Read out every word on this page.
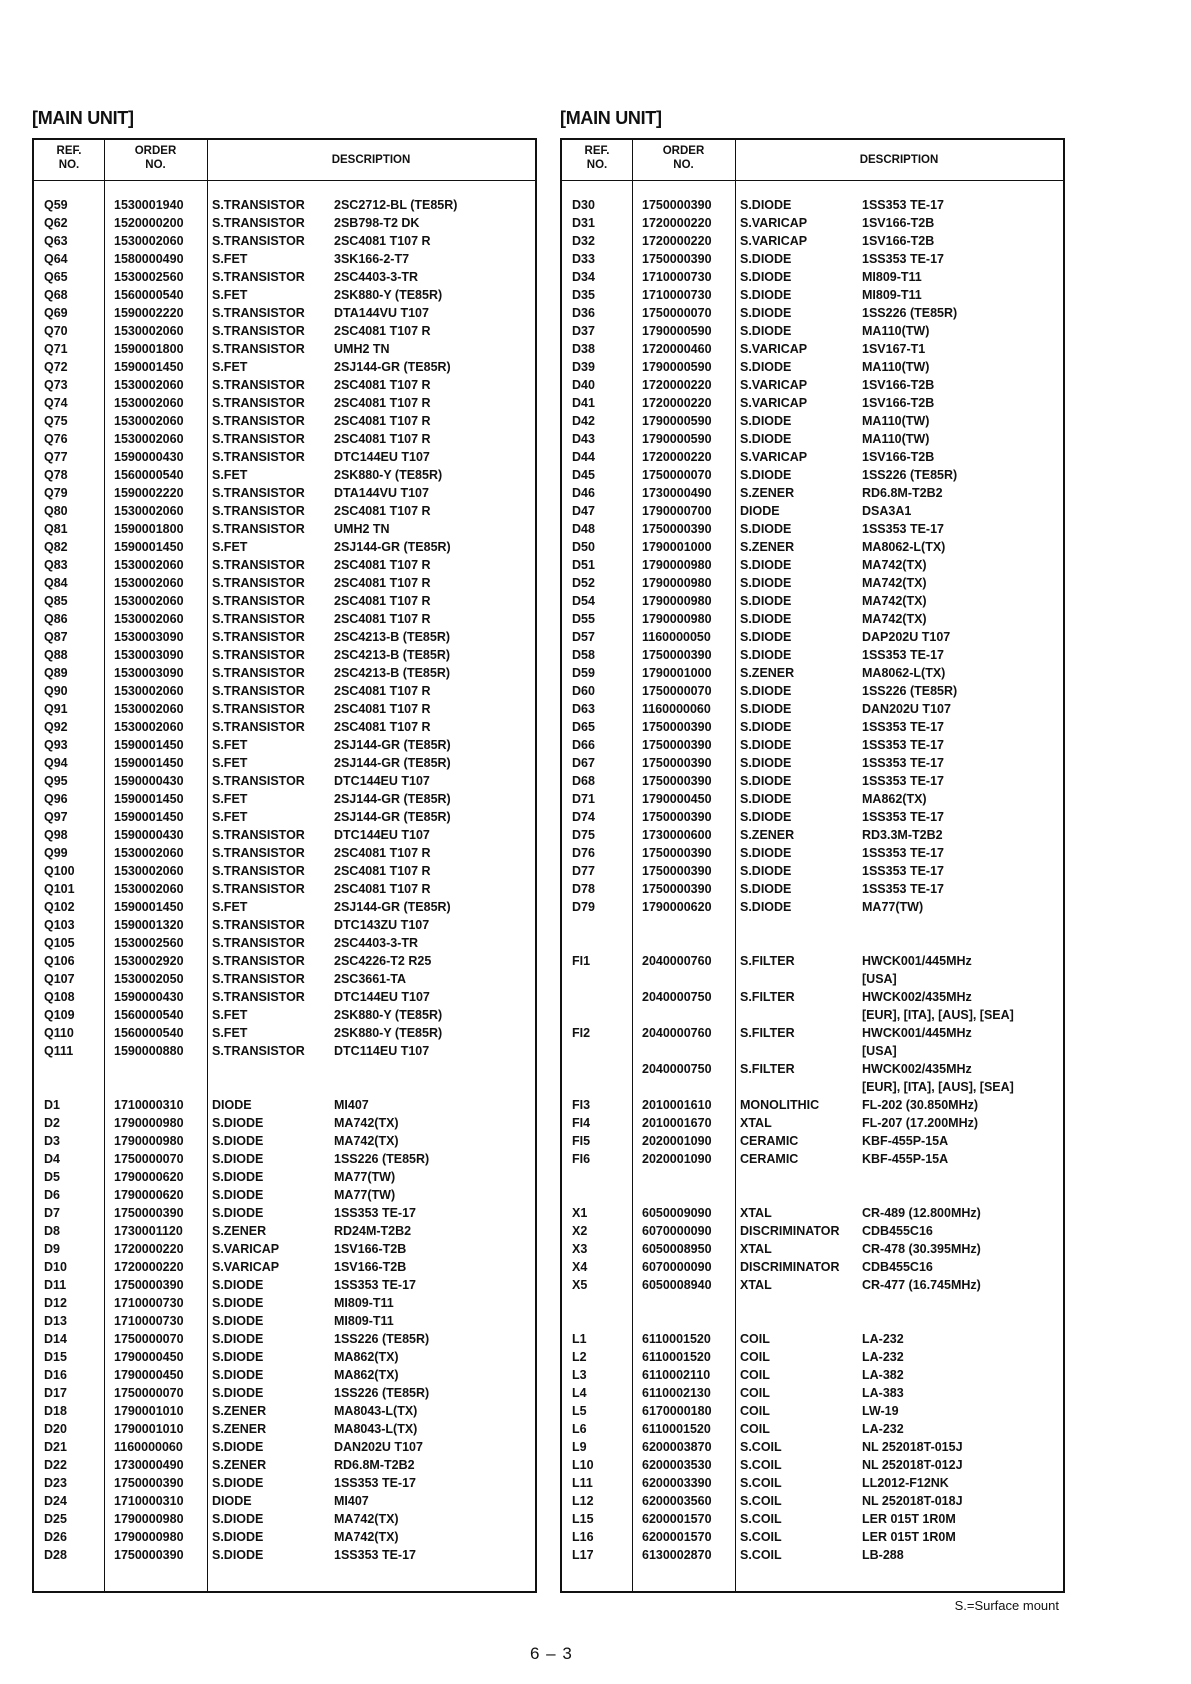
[MAIN UNIT]	[MAIN UNIT]
REF.
NO.
ORDER
NO.	DESCRIPTION
Q59	1530001940 S.TRANSISTOR 2SC2712-BL (TE85R)
Q62	1520000200 S.TRANSISTOR 2SB798-T2 DK
Q63	1530002060 S.TRANSISTOR 2SC4081 T107 R
Q64	1580000490 S.FET	3SK166-2-T7
Q65	1530002560 S.TRANSISTOR 2SC4403-3-TR
Q68	1560000540 S.FET	2SK880-Y (TE85R)
Q69	1590002220 S.TRANSISTOR DTA144VU T107
Q70	1530002060 S.TRANSISTOR 2SC4081 T107 R
Q71	1590001800 S.TRANSISTOR UMH2 TN
Q72	1590001450 S.FET	2SJ144-GR (TE85R)
Q73	1530002060 S.TRANSISTOR 2SC4081 T107 R
Q74	1530002060 S.TRANSISTOR 2SC4081 T107 R
Q75	1530002060 S.TRANSISTOR 2SC4081 T107 R
Q76	1530002060 S.TRANSISTOR 2SC4081 T107 R
Q77	1590000430 S.TRANSISTOR DTC144EU T107
Q78	1560000540 S.FET	2SK880-Y (TE85R)
Q79	1590002220 S.TRANSISTOR DTA144VU T107
Q80	1530002060 S.TRANSISTOR 2SC4081 T107 R
Q81	1590001800 S.TRANSISTOR UMH2 TN
Q82	1590001450 S.FET	2SJ144-GR (TE85R)
Q83	1530002060 S.TRANSISTOR 2SC4081 T107 R
Q84	1530002060 S.TRANSISTOR 2SC4081 T107 R
Q85	1530002060 S.TRANSISTOR 2SC4081 T107 R
Q86	1530002060 S.TRANSISTOR 2SC4081 T107 R
Q87	1530003090 S.TRANSISTOR 2SC4213-B (TE85R)
Q88	1530003090 S.TRANSISTOR 2SC4213-B (TE85R)
Q89	1530003090 S.TRANSISTOR 2SC4213-B (TE85R)
Q90	1530002060 S.TRANSISTOR 2SC4081 T107 R
Q91	1530002060 S.TRANSISTOR 2SC4081 T107 R
Q92	1530002060 S.TRANSISTOR 2SC4081 T107 R
Q93	1590001450 S.FET	2SJ144-GR (TE85R)
Q94	1590001450 S.FET	2SJ144-GR (TE85R)
Q95	1590000430 S.TRANSISTOR DTC144EU T107
Q96	1590001450 S.FET	2SJ144-GR (TE85R)
Q97	1590001450 S.FET	2SJ144-GR (TE85R)
Q98	1590000430 S.TRANSISTOR DTC144EU T107
Q99	1530002060 S.TRANSISTOR 2SC4081 T107 R
Q100	1530002060 S.TRANSISTOR 2SC4081 T107 R
Q101	1530002060 S.TRANSISTOR 2SC4081 T107 R
Q102	1590001450 S.FET	2SJ144-GR (TE85R)
Q103	1590001320 S.TRANSISTOR DTC143ZU T107
Q105	1530002560 S.TRANSISTOR 2SC4403-3-TR
Q106	1530002920 S.TRANSISTOR 2SC4226-T2 R25
Q107	1530002050 S.TRANSISTOR 2SC3661-TA
Q108	1590000430 S.TRANSISTOR DTC144EU T107
Q109	1560000540 S.FET	2SK880-Y (TE85R)
Q110	1560000540 S.FET	2SK880-Y (TE85R)
Q111	1590000880 S.TRANSISTOR DTC114EU T107
D1	1710000310 DIODE	MI407
D2	1790000980 S.DIODE	MA742(TX)
D3	1790000980 S.DIODE	MA742(TX)
D4	1750000070 S.DIODE	1SS226 (TE85R)
D5	1790000620 S.DIODE	MA77(TW)
D6	1790000620 S.DIODE	MA77(TW)
D7	1750000390 S.DIODE	1SS353 TE-17
D8	1730001120 S.ZENER	RD24M-T2B2
D9	1720000220 S.VARICAP	1SV166-T2B
D10	1720000220 S.VARICAP	1SV166-T2B
D11	1750000390 S.DIODE	1SS353 TE-17
D12	1710000730 S.DIODE	MI809-T11
D13	1710000730 S.DIODE	MI809-T11
D14	1750000070 S.DIODE	1SS226 (TE85R)
D15	1790000450 S.DIODE	MA862(TX)
D16	1790000450 S.DIODE	MA862(TX)
D17	1750000070 S.DIODE	1SS226 (TE85R)
D18	1790001010 S.ZENER	MA8043-L(TX)
D20	1790001010 S.ZENER	MA8043-L(TX)
D21	1160000060 S.DIODE	DAN202U T107
D22	1730000490 S.ZENER	RD6.8M-T2B2
D23	1750000390 S.DIODE	1SS353 TE-17
D24	1710000310 DIODE	MI407
D25	1790000980 S.DIODE	MA742(TX)
D26	1790000980 S.DIODE	MA742(TX)
D28	1750000390 S.DIODE	1SS353 TE-17
REF.
NO.
ORDER
NO.	DESCRIPTION
D30	1750000390 S.DIODE	1SS353 TE-17
D31	1720000220 S.VARICAP	1SV166-T2B
D32	1720000220 S.VARICAP	1SV166-T2B
D33	1750000390 S.DIODE	1SS353 TE-17
D34	1710000730 S.DIODE	MI809-T11
D35	1710000730 S.DIODE	MI809-T11
D36	1750000070 S.DIODE	1SS226 (TE85R)
D37	1790000590 S.DIODE	MA110(TW)
D38	1720000460 S.VARICAP	1SV167-T1
D39	1790000590 S.DIODE	MA110(TW)
D40	1720000220 S.VARICAP	1SV166-T2B
D41	1720000220 S.VARICAP	1SV166-T2B
D42	1790000590 S.DIODE	MA110(TW)
D43	1790000590 S.DIODE	MA110(TW)
D44	1720000220 S.VARICAP	1SV166-T2B
D45	1750000070 S.DIODE	1SS226 (TE85R)
D46	1730000490 S.ZENER	RD6.8M-T2B2
D47	1790000700 DIODE	DSA3A1
D48	1750000390 S.DIODE	1SS353 TE-17
D50	1790001000 S.ZENER	MA8062-L(TX)
D51	1790000980 S.DIODE	MA742(TX)
D52	1790000980 S.DIODE	MA742(TX)
D54	1790000980 S.DIODE	MA742(TX)
D55	1790000980 S.DIODE	MA742(TX)
D57	1160000050 S.DIODE	DAP202U T107
D58	1750000390 S.DIODE	1SS353 TE-17
D59	1790001000 S.ZENER	MA8062-L(TX)
D60	1750000070 S.DIODE	1SS226 (TE85R)
D63	1160000060 S.DIODE	DAN202U T107
D65	1750000390 S.DIODE	1SS353 TE-17
D66	1750000390 S.DIODE	1SS353 TE-17
D67	1750000390 S.DIODE	1SS353 TE-17
D68	1750000390 S.DIODE	1SS353 TE-17
D71	1790000450 S.DIODE	MA862(TX)
D74	1750000390 S.DIODE	1SS353 TE-17
D75	1730000600 S.ZENER	RD3.3M-T2B2
D76	1750000390 S.DIODE	1SS353 TE-17
D77	1750000390 S.DIODE	1SS353 TE-17
D78	1750000390 S.DIODE	1SS353 TE-17
D79	1790000620 S.DIODE	MA77(TW)
FI1	2040000760 S.FILTER	HWCK001/445MHz
[USA]
2040000750 S.FILTER	HWCK002/435MHz
[EUR], [ITA], [AUS], [SEA]
FI2	2040000760 S.FILTER	HWCK001/445MHz
[USA]
2040000750 S.FILTER	HWCK002/435MHz
[EUR], [ITA], [AUS], [SEA]
FI3	2010001610 MONOLITHIC	FL-202 (30.850MHz)
FI4	2010001670 XTAL	FL-207 (17.200MHz)
FI5	2020001090 CERAMIC	KBF-455P-15A
FI6	2020001090 CERAMIC	KBF-455P-15A
X1	6050009090 XTAL	CR-489 (12.800MHz)
X2	6070000090 DISCRIMINATOR CDB455C16
X3	6050008950 XTAL	CR-478 (30.395MHz)
X4	6070000090 DISCRIMINATOR CDB455C16
X5	6050008940 XTAL	CR-477 (16.745MHz)
L1	6110001520 COIL	LA-232
L2	6110001520 COIL	LA-232
L3	6110002110 COIL	LA-382
L4	6110002130 COIL	LA-383
L5	6170000180 COIL	LW-19
L6	6110001520 COIL	LA-232
L9	6200003870 S.COIL	NL 252018T-015J
L10	6200003530 S.COIL	NL 252018T-012J
L11	6200003390 S.COIL	LL2012-F12NK
L12	6200003560 S.COIL	NL 252018T-018J
L15	6200001570 S.COIL	LER 015T 1R0M
L16	6200001570 S.COIL	LER 015T 1R0M
L17	6130002870 S.COIL	LB-288
S.=Surface mount
6 – 3
